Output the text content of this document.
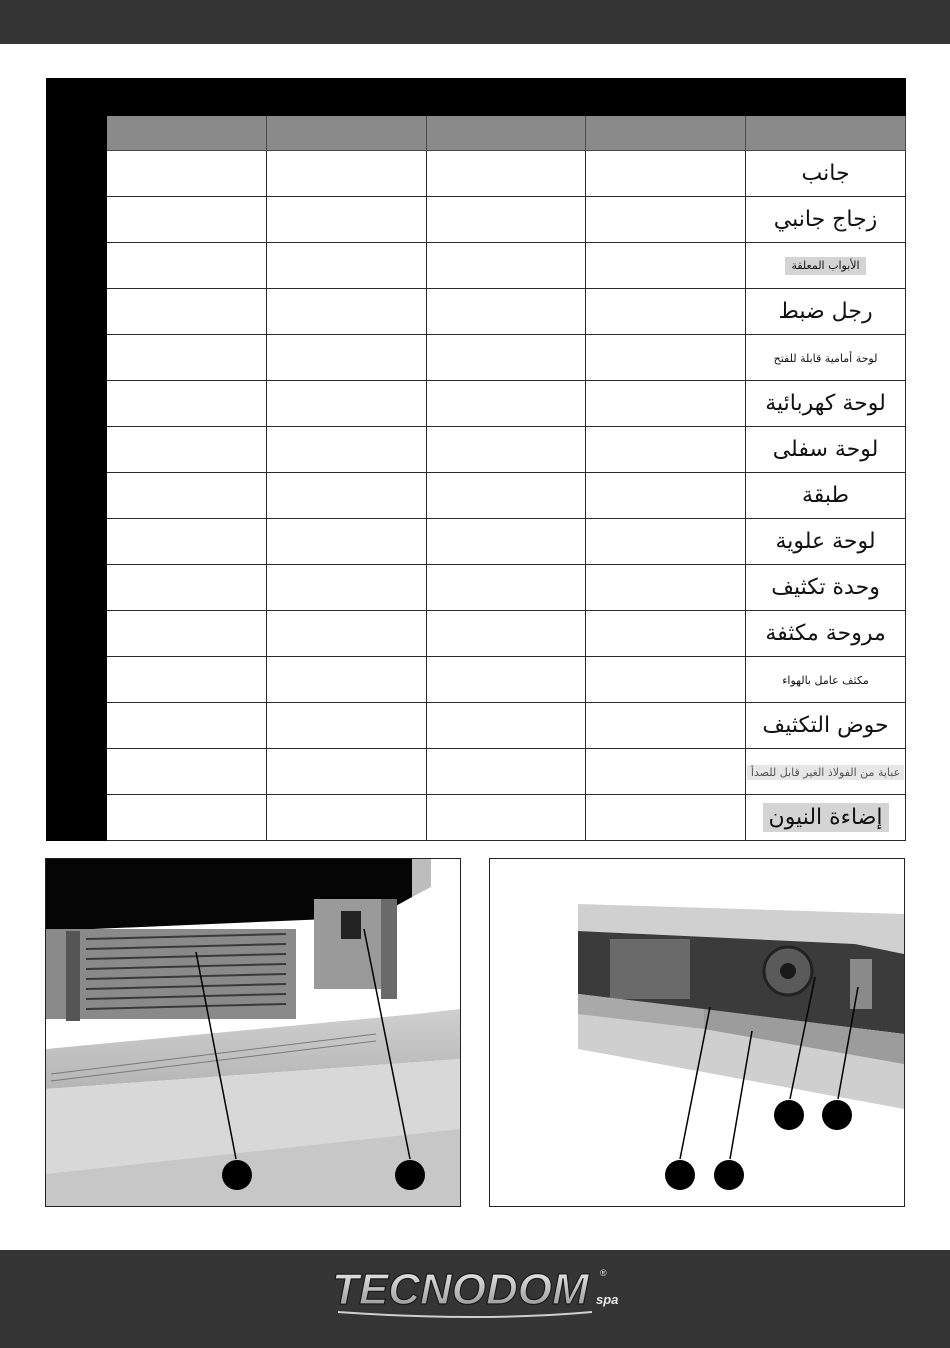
					جانب
					زجاج جانبي
					الأبواب المعلقة
					رجل ضبط
					لوحة أمامية قابلة للفتح
					لوحة كهربائية
					لوحة سفلى
					طبقة
					لوحة علوية
					وحدة تكثيف
					مروحة مكثفة
					مكثف عامل بالهواء
					حوض التكثيف
					عباية من الفولاذ الغير قابل للصدأ
					إضاءة النيون
TECNODOM ®
spa
